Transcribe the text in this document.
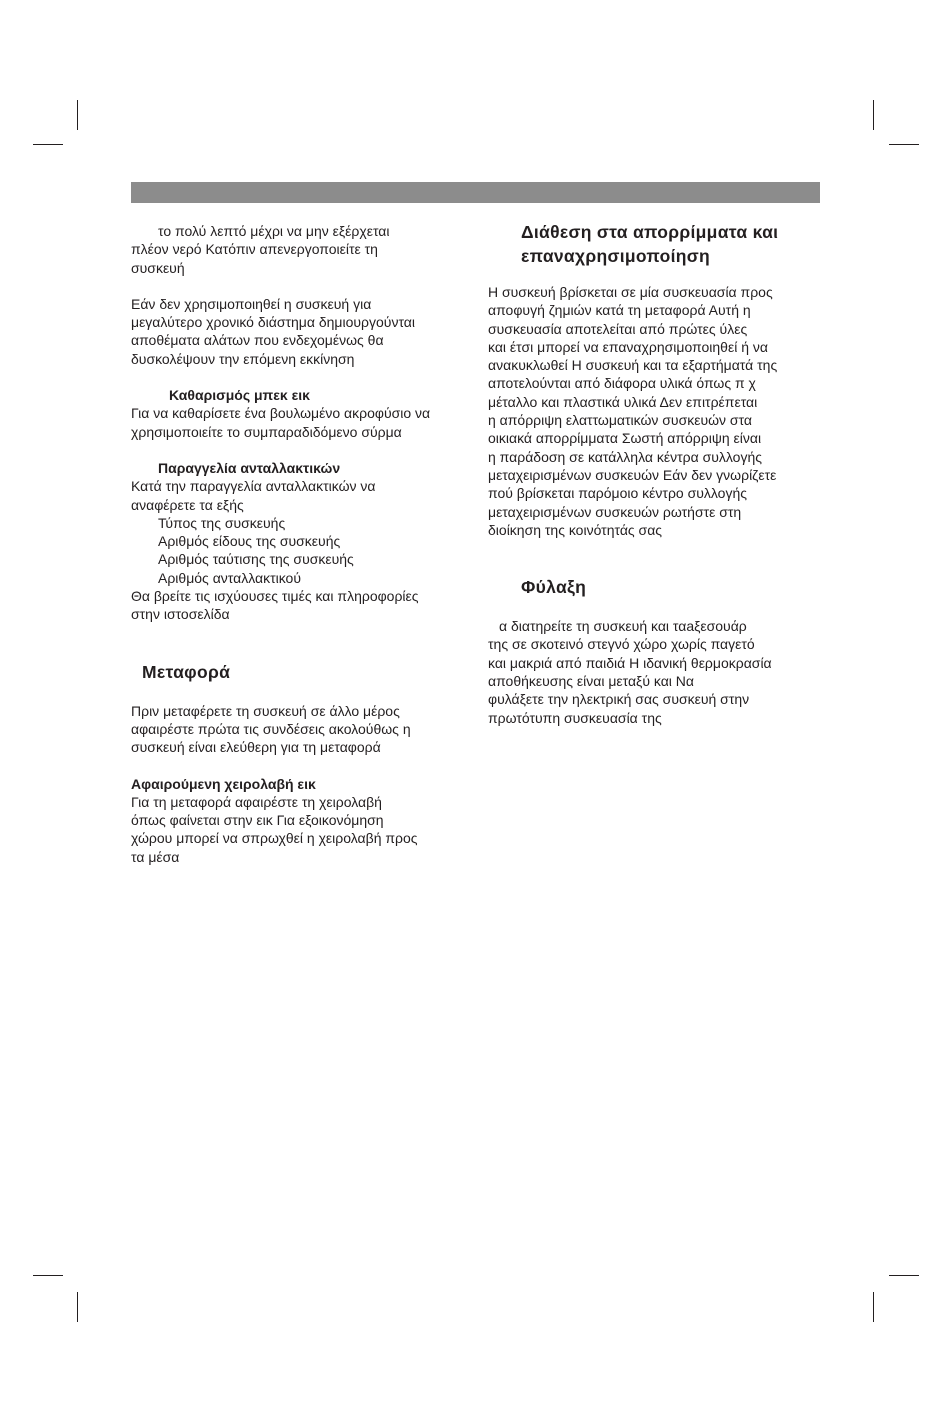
το πολύ λεπτό μέχρι να μην εξέρχεται
πλέον νερό Κατόπιν απενεργοποιείτε τη
συσκευή
Εάν δεν χρησιμοποιηθεί η συσκευή για
μεγαλύτερο χρονικό διάστημα δημιουργούνται
αποθέματα αλάτων που ενδεχομένως θα
δυσκολέψουν την επόμενη εκκίνηση
Καθαρισμός μπεκ εικ
Για να καθαρίσετε ένα βουλωμένο ακροφύσιο να
χρησιμοποιείτε το συμπαραδιδόμενο σύρμα
Παραγγελία ανταλλακτικών
Κατά την παραγγελία ανταλλακτικών να
αναφέρετε τα εξής
Τύπος της συσκευής
Αριθμός είδους της συσκευής
Αριθμός ταύτισης της συσκευής
Αριθμός ανταλλακτικού
Θα βρείτε τις ισχύουσες τιμές και πληροφορίες
στην ιστοσελίδα
Μεταφορά
Πριν μεταφέρετε τη συσκευή σε άλλο μέρος
αφαιρέστε πρώτα τις συνδέσεις ακολούθως η
συσκευή είναι ελεύθερη για τη μεταφορά
Αφαιρούμενη χειρολαβή εικ
Για τη μεταφορά αφαιρέστε τη χειρολαβή
όπως φαίνεται στην εικ Για εξοικονόμηση
χώρου μπορεί να σπρωχθεί η χειρολαβή προς
τα μέσα
Διάθεση στα απορρίμματα και
επαναχρησιμοποίηση
Η συσκευή βρίσκεται σε μία συσκευασία προς
αποφυγή ζημιών κατά τη μεταφορά Αυτή η
συσκευασία αποτελείται από πρώτες ύλες
και έτσι μπορεί να επαναχρησιμοποιηθεί ή να
ανακυκλωθεί Η συσκευή και τα εξαρτήματά της
αποτελούνται από διάφορα υλικά όπως π χ
μέταλλο και πλαστικά υλικά Δεν επιτρέπεται
η απόρριψη ελαττωματικών συσκευών στα
οικιακά απορρίμματα Σωστή απόρριψη είναι
η παράδοση σε κατάλληλα κέντρα συλλογής
μεταχειρισμένων συσκευών Εάν δεν γνωρίζετε
πού βρίσκεται παρόμοιο κέντρο συλλογής
μεταχειρισμένων συσκευών ρωτήστε στη
διοίκηση της κοινότητάς σας
Φύλαξη
α διατηρείτε τη συσκευή και ταaξεσουάρ
της σε σκοτεινό στεγνό χώρο χωρίς παγετό
και μακριά από παιδιά Η ιδανική θερμοκρασία
αποθήκευσης είναι μεταξύ και Να
φυλάξετε την ηλεκτρική σας συσκευή στην
πρωτότυπη συσκευασία της
